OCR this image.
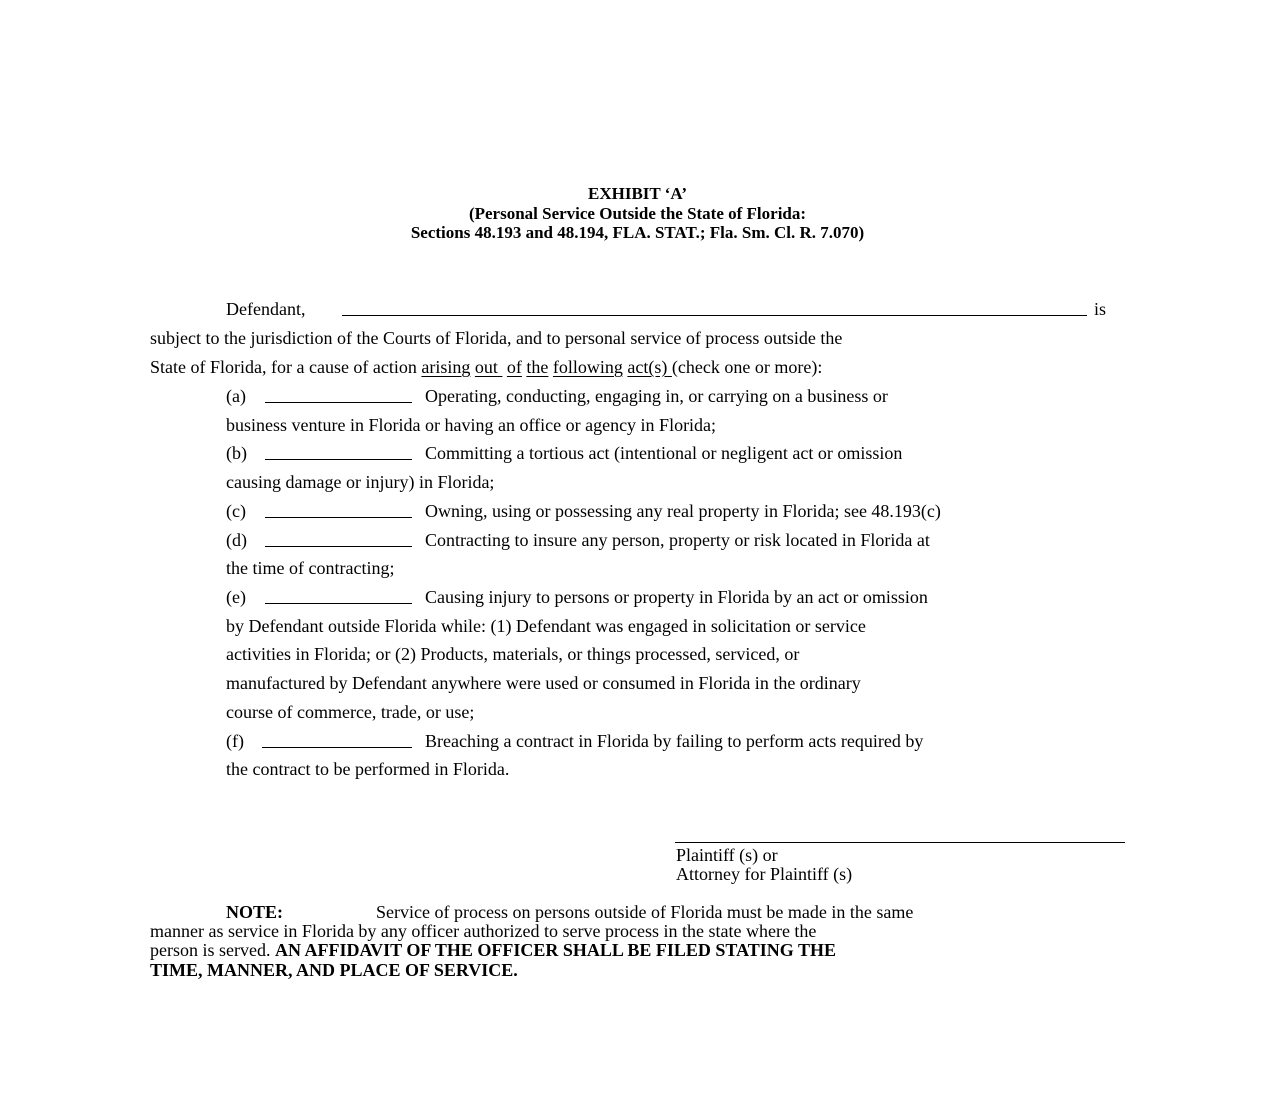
EXHIBIT ‘A’
(Personal Service Outside the State of Florida:
Sections 48.193 and 48.194, FLA. STAT.; Fla. Sm. Cl. R. 7.070)
Defendant,	is
subject to the jurisdiction of the Courts of Florida, and to personal service of process outside the
State of Florida, for a cause of action arising out of the following act(s) (check one or more):
(a)	Operating, conducting, engaging in, or carrying on a business or
business venture in Florida or having an office or agency in Florida;
(b)	Committing a tortious act (intentional or negligent act or omission
causing damage or injury) in Florida;
(c)	Owning, using or possessing any real property in Florida; see 48.193(c)
(d)	Contracting to insure any person, property or risk located in Florida at
the time of contracting;
(e)	Causing injury to persons or property in Florida by an act or omission
by Defendant outside Florida while: (1) Defendant was engaged in solicitation or service
activities in Florida; or (2) Products, materials, or things processed, serviced, or
manufactured by Defendant anywhere were used or consumed in Florida in the ordinary
course of commerce, trade, or use;
(f)	Breaching a contract in Florida by failing to perform acts required by
the contract to be performed in Florida.
Plaintiff (s) or
Attorney for Plaintiff (s)
NOTE:	Service of process on persons outside of Florida must be made in the same
manner as service in Florida by any officer authorized to serve process in the state where the
person is served. AN AFFIDAVIT OF THE OFFICER SHALL BE FILED STATING THE
TIME, MANNER, AND PLACE OF SERVICE.
